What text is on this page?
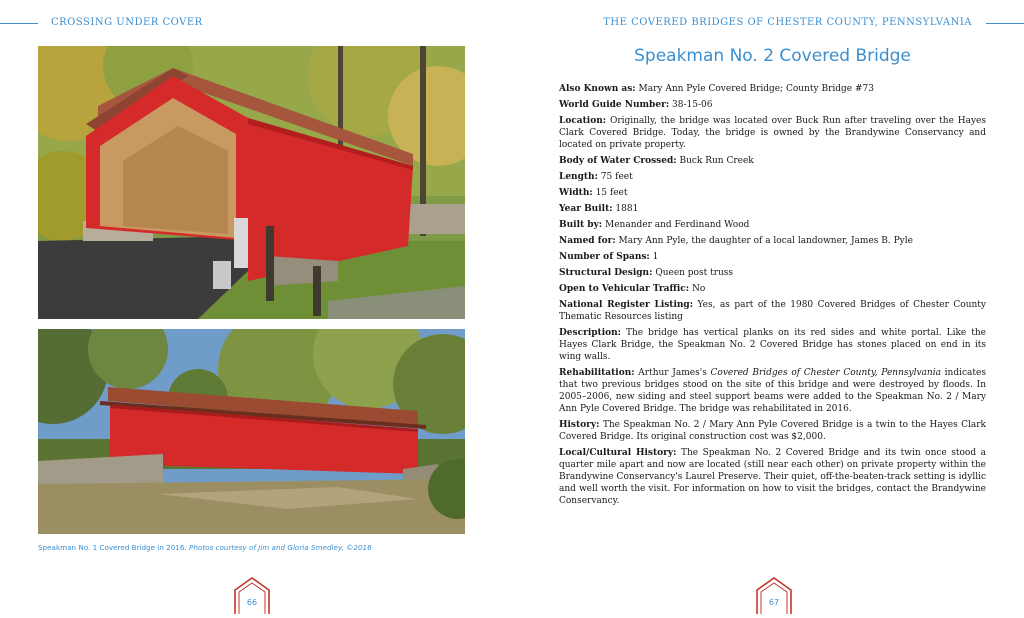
CROSSING UNDER COVER	THE COVERED BRIDGES OF CHESTER COUNTY, PENNSYLVANIA
Speakman No. 1 Covered Bridge in 2016. Photos courtesy of Jim and Gloria Smedley, ©2016
Speakman No. 2 Covered Bridge

Also Known as: Mary Ann Pyle Covered Bridge; County Bridge #73

World Guide Number: 38-15-06

Location: Originally, the bridge was located over Buck Run after traveling over the Hayes Clark Covered Bridge. Today, the bridge is owned by the Brandywine Conservancy and located on private property.

Body of Water Crossed: Buck Run Creek

Length: 75 feet

Width: 15 feet

Year Built: 1881

Built by: Menander and Ferdinand Wood

Named for: Mary Ann Pyle, the daughter of a local landowner, James B. Pyle

Number of Spans: 1

Structural Design: Queen post truss

Open to Vehicular Traffic: No

National Register Listing: Yes, as part of the 1980 Covered Bridges of Chester County Thematic Resources listing

Description: The bridge has vertical planks on its red sides and white portal. Like the Hayes Clark Bridge, the Speakman No. 2 Covered Bridge has stones placed on end in its wing walls.

Rehabilitation: Arthur James's Covered Bridges of Chester County, Pennsylvania indicates that two previous bridges stood on the site of this bridge and were destroyed by floods. In 2005–2006, new siding and steel support beams were added to the Speakman No. 2 / Mary Ann Pyle Covered Bridge. The bridge was rehabilitated in 2016.

History: The Speakman No. 2 / Mary Ann Pyle Covered Bridge is a twin to the Hayes Clark Covered Bridge. Its original construction cost was $2,000.

Local/Cultural History: The Speakman No. 2 Covered Bridge and its twin once stood a quarter mile apart and now are located (still near each other) on private property within the Brandywine Conservancy's Laurel Preserve. Their quiet, off-the-beaten-track setting is idyllic and well worth the visit. For information on how to visit the bridges, contact the Brandywine Conservancy.

66	67
